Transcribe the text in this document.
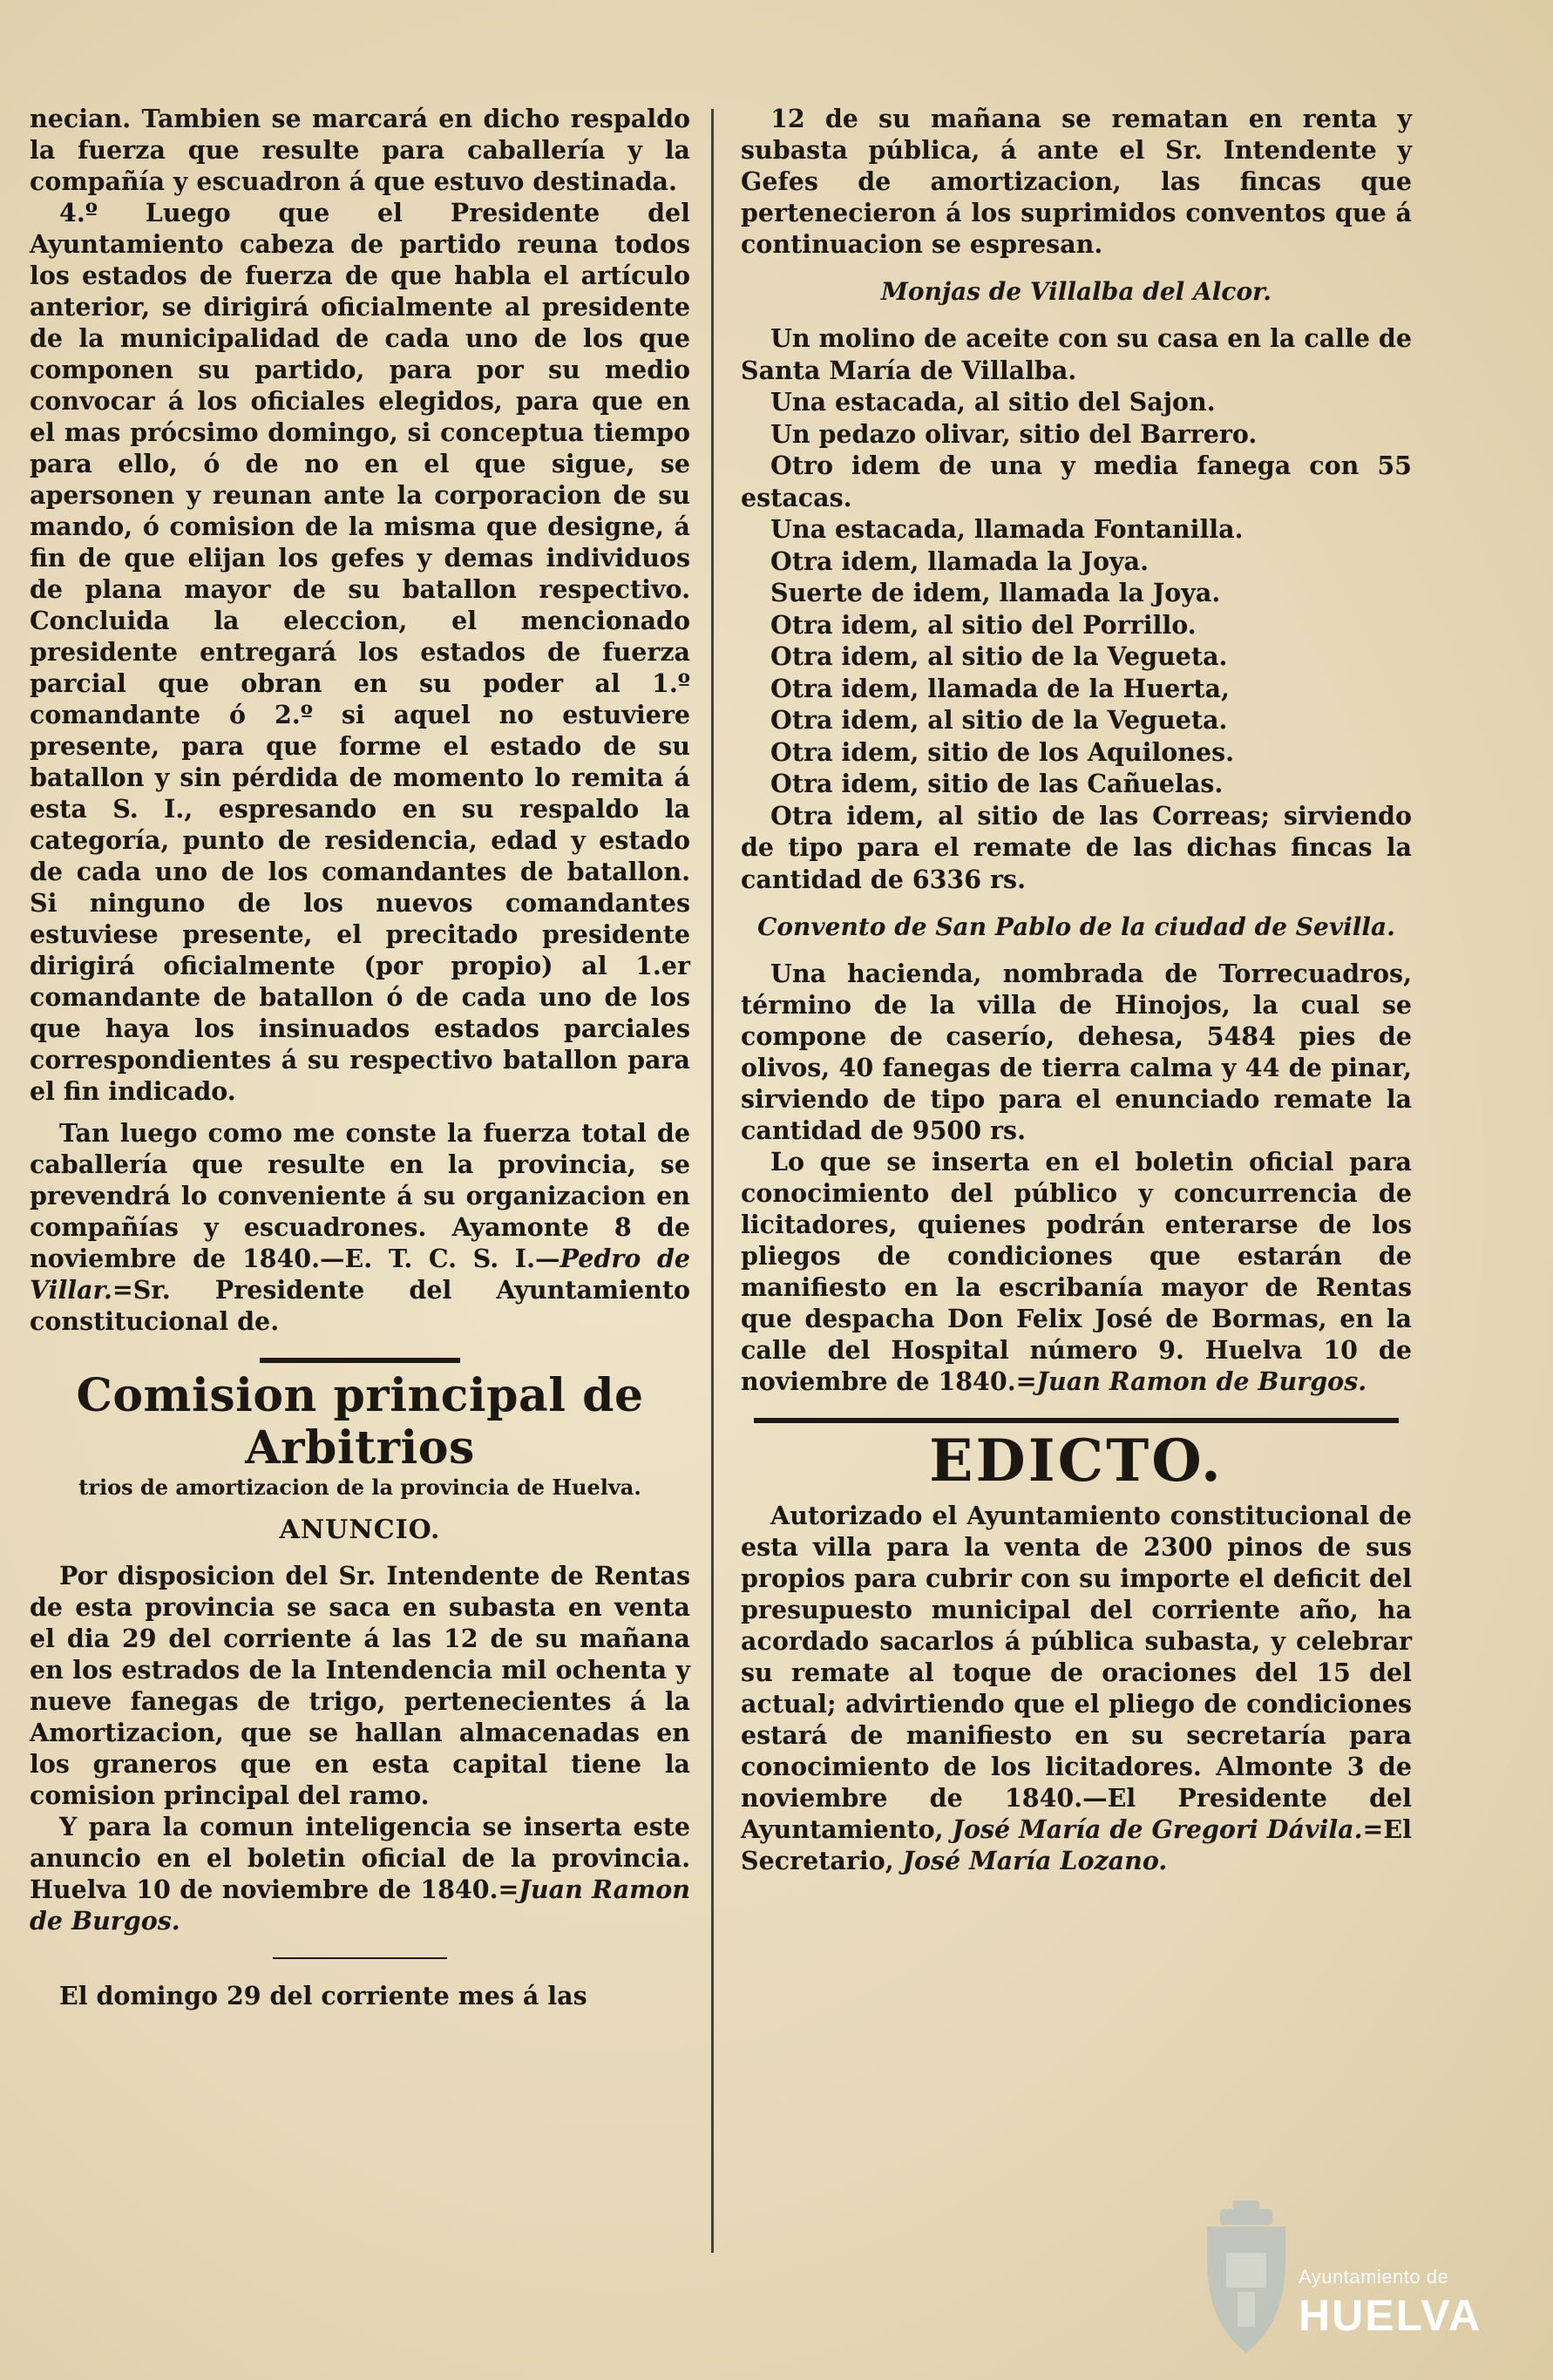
necian. Tambien se marcará en dicho respaldo la fuerza que resulte para caballería y la compañía y escuadron á que estuvo destinada.

4.º Luego que el Presidente del Ayuntamiento cabeza de partido reuna todos los estados de fuerza de que habla el artículo anterior, se dirigirá oficialmente al presidente de la municipalidad de cada uno de los que componen su partido, para por su medio convocar á los oficiales elegidos, para que en el mas prócsimo domingo, si conceptua tiempo para ello, ó de no en el que sigue, se apersonen y reunan ante la corporacion de su mando, ó comision de la misma que designe, á fin de que elijan los gefes y demas individuos de plana mayor de su batallon respectivo. Concluida la eleccion, el mencionado presidente entregará los estados de fuerza parcial que obran en su poder al 1.º comandante ó 2.º si aquel no estuviere presente, para que forme el estado de su batallon y sin pérdida de momento lo remita á esta S. I., espresando en su respaldo la categoría, punto de residencia, edad y estado de cada uno de los comandantes de batallon. Si ninguno de los nuevos comandantes estuviese presente, el precitado presidente dirigirá oficialmente (por propio) al 1.er comandante de batallon ó de cada uno de los que haya los insinuados estados parciales correspondientes á su respectivo batallon para el fin indicado.

Tan luego como me conste la fuerza total de caballería que resulte en la provincia, se prevendrá lo conveniente á su organizacion en compañías y escuadrones. Ayamonte 8 de noviembre de 1840.—E. T. C. S. I.—Pedro de Villar.=Sr. Presidente del Ayuntamiento constitucional de.

Comision principal de Arbitrios
trios de amortizacion de la provincia de Huelva.
ANUNCIO.

Por disposicion del Sr. Intendente de Rentas de esta provincia se saca en subasta en venta el dia 29 del corriente á las 12 de su mañana en los estrados de la Intendencia mil ochenta y nueve fanegas de trigo, pertenecientes á la Amortizacion, que se hallan almacenadas en los graneros que en esta capital tiene la comision principal del ramo.

Y para la comun inteligencia se inserta este anuncio en el boletin oficial de la provincia. Huelva 10 de noviembre de 1840.=Juan Ramon de Burgos.

El domingo 29 del corriente mes á las

12 de su mañana se rematan en renta y subasta pública, á ante el Sr. Intendente y Gefes de amortizacion, las fincas que pertenecieron á los suprimidos conventos que á continuacion se espresan.

Monjas de Villalba del Alcor.

Un molino de aceite con su casa en la calle de Santa María de Villalba.

Una estacada, al sitio del Sajon.

Un pedazo olivar, sitio del Barrero.

Otro idem de una y media fanega con 55 estacas.

Una estacada, llamada Fontanilla.

Otra idem, llamada la Joya.

Suerte de idem, llamada la Joya.

Otra idem, al sitio del Porrillo.

Otra idem, al sitio de la Vegueta.

Otra idem, llamada de la Huerta,

Otra idem, al sitio de la Vegueta.

Otra idem, sitio de los Aquilones.

Otra idem, sitio de las Cañuelas.

Otra idem, al sitio de las Correas; sirviendo de tipo para el remate de las dichas fincas la cantidad de 6336 rs.

Convento de San Pablo de la ciudad de Sevilla.

Una hacienda, nombrada de Torrecuadros, término de la villa de Hinojos, la cual se compone de caserío, dehesa, 5484 pies de olivos, 40 fanegas de tierra calma y 44 de pinar, sirviendo de tipo para el enunciado remate la cantidad de 9500 rs.

Lo que se inserta en el boletin oficial para conocimiento del público y concurrencia de licitadores, quienes podrán enterarse de los pliegos de condiciones que estarán de manifiesto en la escribanía mayor de Rentas que despacha Don Felix José de Bormas, en la calle del Hospital número 9. Huelva 10 de noviembre de 1840.=Juan Ramon de Burgos.

EDICTO.

Autorizado el Ayuntamiento constitucional de esta villa para la venta de 2300 pinos de sus propios para cubrir con su importe el deficit del presupuesto municipal del corriente año, ha acordado sacarlos á pública subasta, y celebrar su remate al toque de oraciones del 15 del actual; advirtiendo que el pliego de condiciones estará de manifiesto en su secretaría para conocimiento de los licitadores. Almonte 3 de noviembre de 1840.—El Presidente del Ayuntamiento, José María de Gregori Dávila.=El Secretario, José María Lozano.

Ayuntamiento de
HUELVA
